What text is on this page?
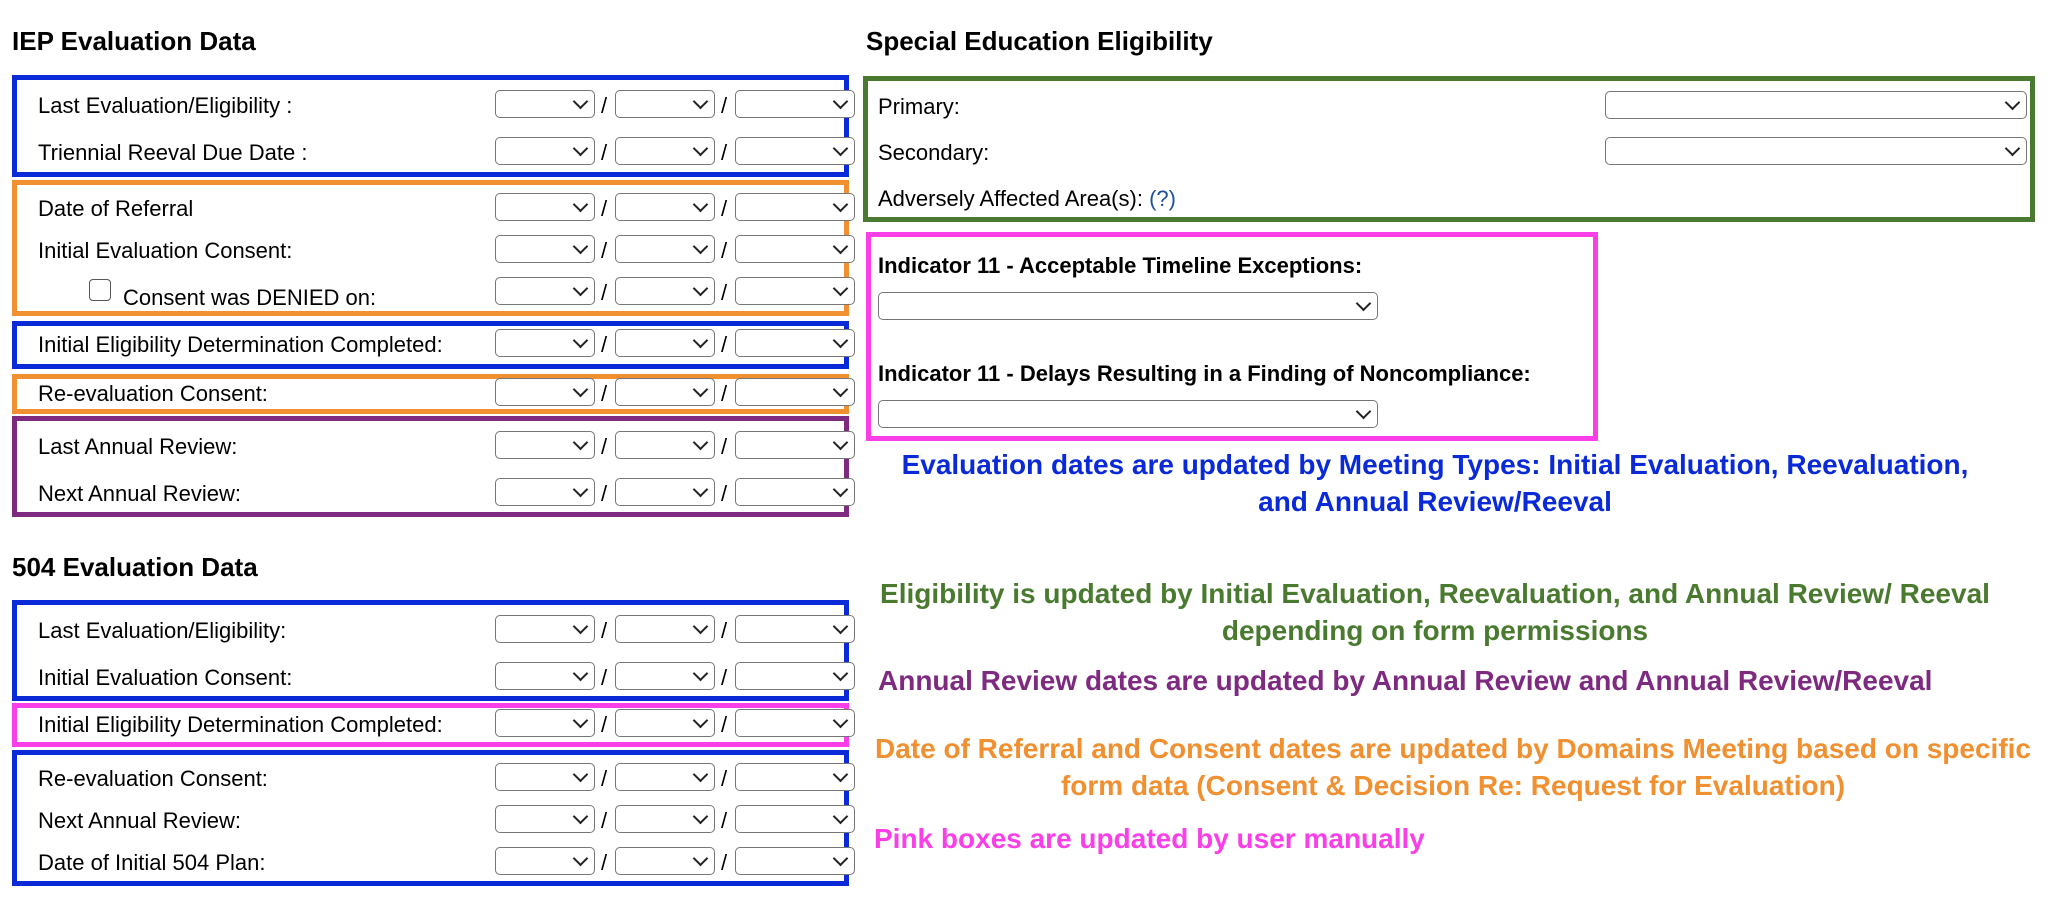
IEP Evaluation Data
Last Evaluation/Eligibility :	/	/
Triennial Reeval Due Date :	/	/
Date of Referral	/	/
Initial Evaluation Consent:	/	/
Consent was DENIED on:	/	/
Initial Eligibility Determination Completed:	/	/
Re-evaluation Consent:	/	/
Last Annual Review:	/	/
Next Annual Review:	/	/
504 Evaluation Data
Last Evaluation/Eligibility:	/	/
Initial Evaluation Consent:	/	/
Initial Eligibility Determination Completed:	/	/
Re-evaluation Consent:	/	/
Next Annual Review:	/	/
Date of Initial 504 Plan:	/	/
Special Education Eligibility
Primary:
Secondary:
Adversely Affected Area(s): (?)
Indicator 11 - Acceptable Timeline Exceptions:
Indicator 11 - Delays Resulting in a Finding of Noncompliance:
Evaluation dates are updated by Meeting Types: Initial Evaluation, Reevaluation, and Annual Review/Reeval
Eligibility is updated by Initial Evaluation, Reevaluation, and Annual Review/ Reeval depending on form permissions
Annual Review dates are updated by Annual Review and Annual Review/Reeval
Date of Referral and Consent dates are updated by Domains Meeting based on specific form data (Consent & Decision Re: Request for Evaluation)
Pink boxes are updated by user manually
